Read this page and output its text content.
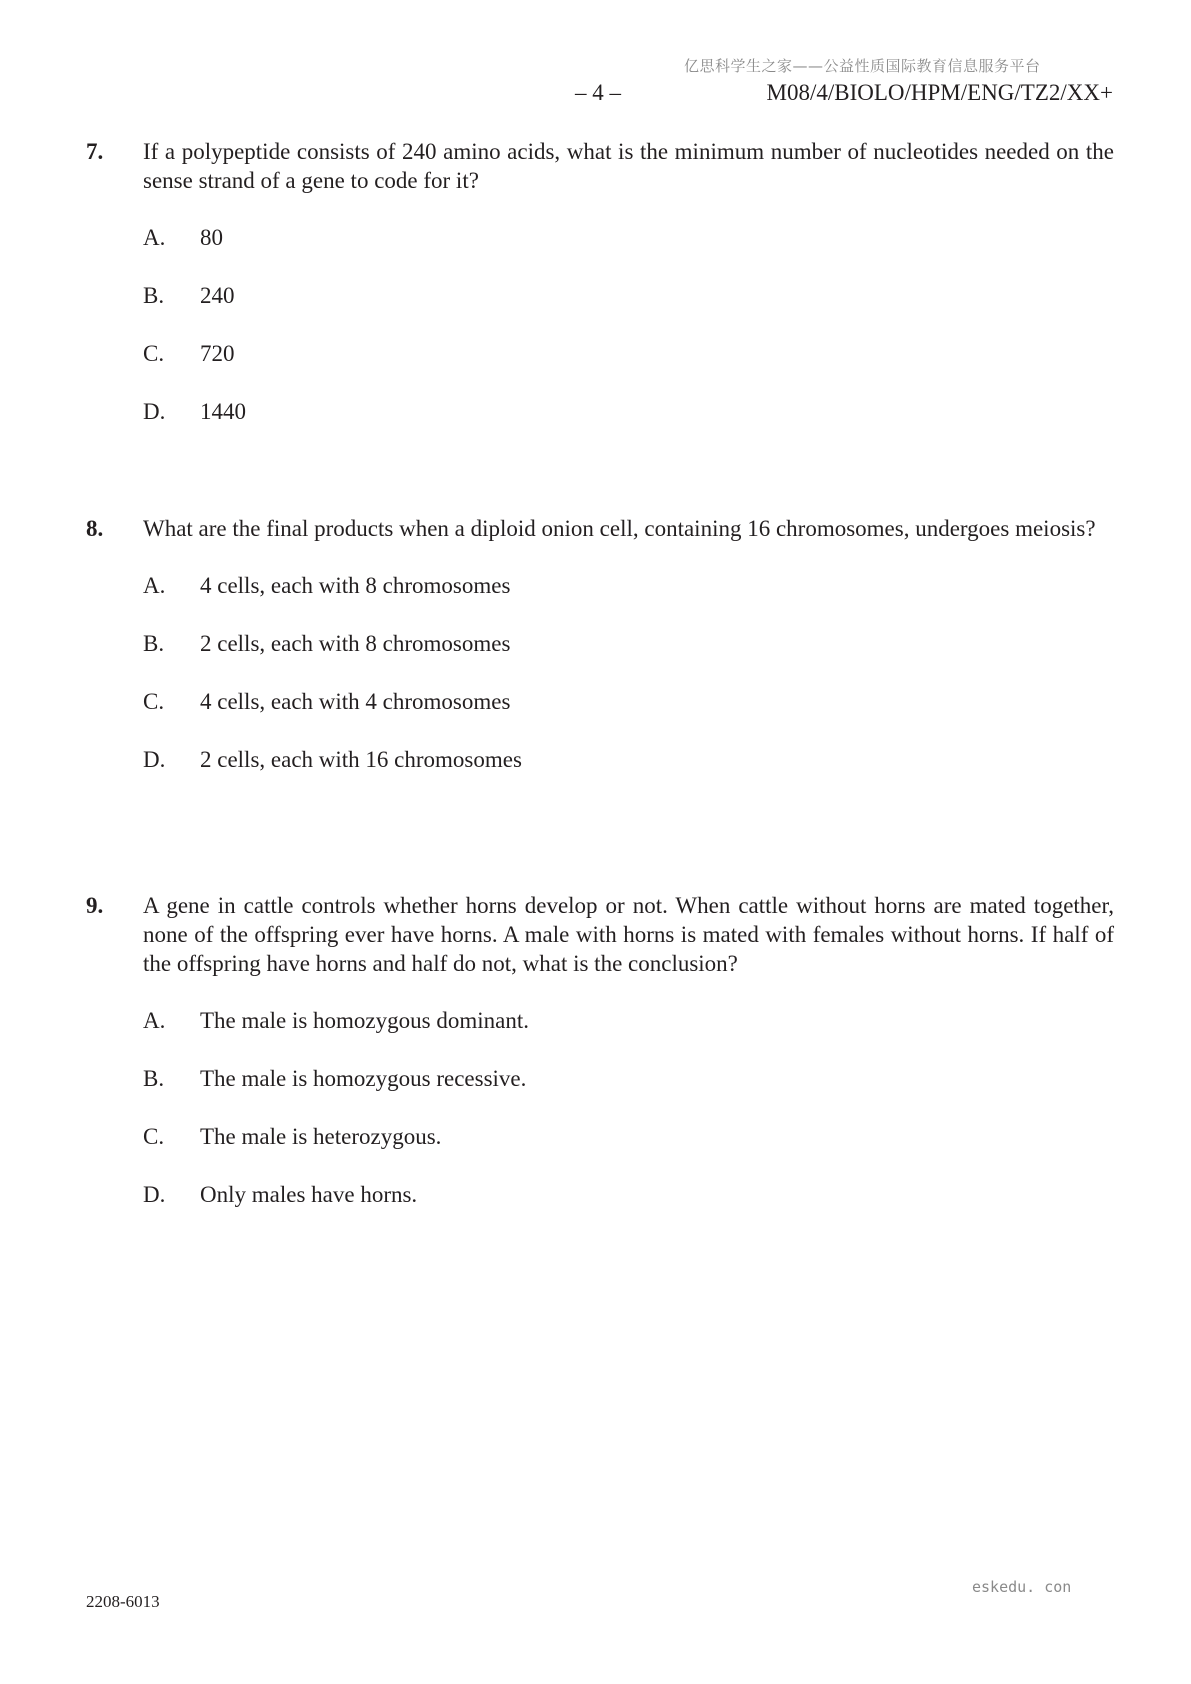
亿思科学生之家——公益性质国际教育信息服务平台
– 4 –	M08/4/BIOLO/HPM/ENG/TZ2/XX+
7. If a polypeptide consists of 240 amino acids, what is the minimum number of nucleotides needed on the sense strand of a gene to code for it?
A. 80
B. 240
C. 720
D. 1440
8. What are the final products when a diploid onion cell, containing 16 chromosomes, undergoes meiosis?
A. 4 cells, each with 8 chromosomes
B. 2 cells, each with 8 chromosomes
C. 4 cells, each with 4 chromosomes
D. 2 cells, each with 16 chromosomes
9. A gene in cattle controls whether horns develop or not. When cattle without horns are mated together, none of the offspring ever have horns. A male with horns is mated with females without horns. If half of the offspring have horns and half do not, what is the conclusion?
A. The male is homozygous dominant.
B. The male is homozygous recessive.
C. The male is heterozygous.
D. Only males have horns.
eskedu. con
2208-6013
